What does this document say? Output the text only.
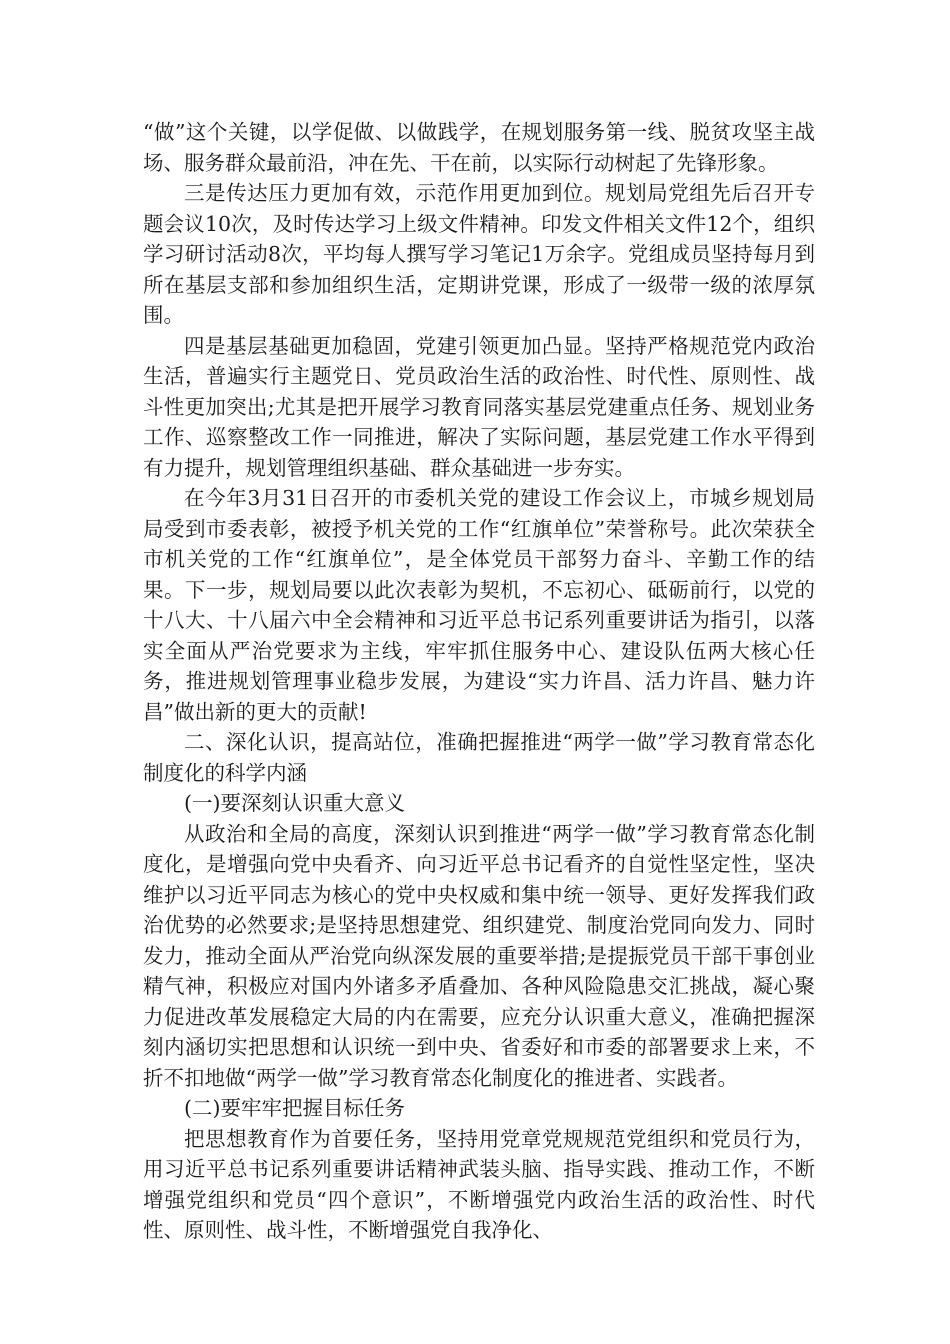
“做”这个关键，以学促做、以做践学，在规划服务第一线、脱贫攻坚主战场、服务群众最前沿，冲在先、干在前，以实际行动树起了先锋形象。

三是传达压力更加有效，示范作用更加到位。规划局党组先后召开专题会议10次，及时传达学习上级文件精神。印发文件相关文件12个，组织学习研讨活动8次，平均每人撰写学习笔记1万余字。党组成员坚持每月到所在基层支部和参加组织生活，定期讲党课，形成了一级带一级的浓厚氛围。

四是基层基础更加稳固，党建引领更加凸显。坚持严格规范党内政治生活，普遍实行主题党日、党员政治生活的政治性、时代性、原则性、战斗性更加突出;尤其是把开展学习教育同落实基层党建重点任务、规划业务工作、巡察整改工作一同推进，解决了实际问题，基层党建工作水平得到有力提升，规划管理组织基础、群众基础进一步夯实。

在今年3月31日召开的市委机关党的建设工作会议上，市城乡规划局局受到市委表彰，被授予机关党的工作“红旗单位”荣誉称号。此次荣获全市机关党的工作“红旗单位”，是全体党员干部努力奋斗、辛勤工作的结果。下一步，规划局要以此次表彰为契机，不忘初心、砥砺前行，以党的十八大、十八届六中全会精神和习近平总书记系列重要讲话为指引，以落实全面从严治党要求为主线，牢牢抓住服务中心、建设队伍两大核心任务，推进规划管理事业稳步发展，为建设“实力许昌、活力许昌、魅力许昌”做出新的更大的贡献!

二、深化认识，提高站位，准确把握推进“两学一做”学习教育常态化制度化的科学内涵

(一)要深刻认识重大意义

从政治和全局的高度，深刻认识到推进“两学一做”学习教育常态化制度化，是增强向党中央看齐、向习近平总书记看齐的自觉性坚定性，坚决维护以习近平同志为核心的党中央权威和集中统一领导、更好发挥我们政治优势的必然要求;是坚持思想建党、组织建党、制度治党同向发力、同时发力，推动全面从严治党向纵深发展的重要举措;是提振党员干部干事创业精气神，积极应对国内外诸多矛盾叠加、各种风险隐患交汇挑战，凝心聚力促进改革发展稳定大局的内在需要，应充分认识重大意义，准确把握深刻内涵切实把思想和认识统一到中央、省委好和市委的部署要求上来，不折不扣地做“两学一做”学习教育常态化制度化的推进者、实践者。

(二)要牢牢把握目标任务

把思想教育作为首要任务，坚持用党章党规规范党组织和党员行为，用习近平总书记系列重要讲话精神武装头脑、指导实践、推动工作，不断增强党组织和党员“四个意识”，不断增强党内政治生活的政治性、时代性、原则性、战斗性，不断增强党自我净化、
